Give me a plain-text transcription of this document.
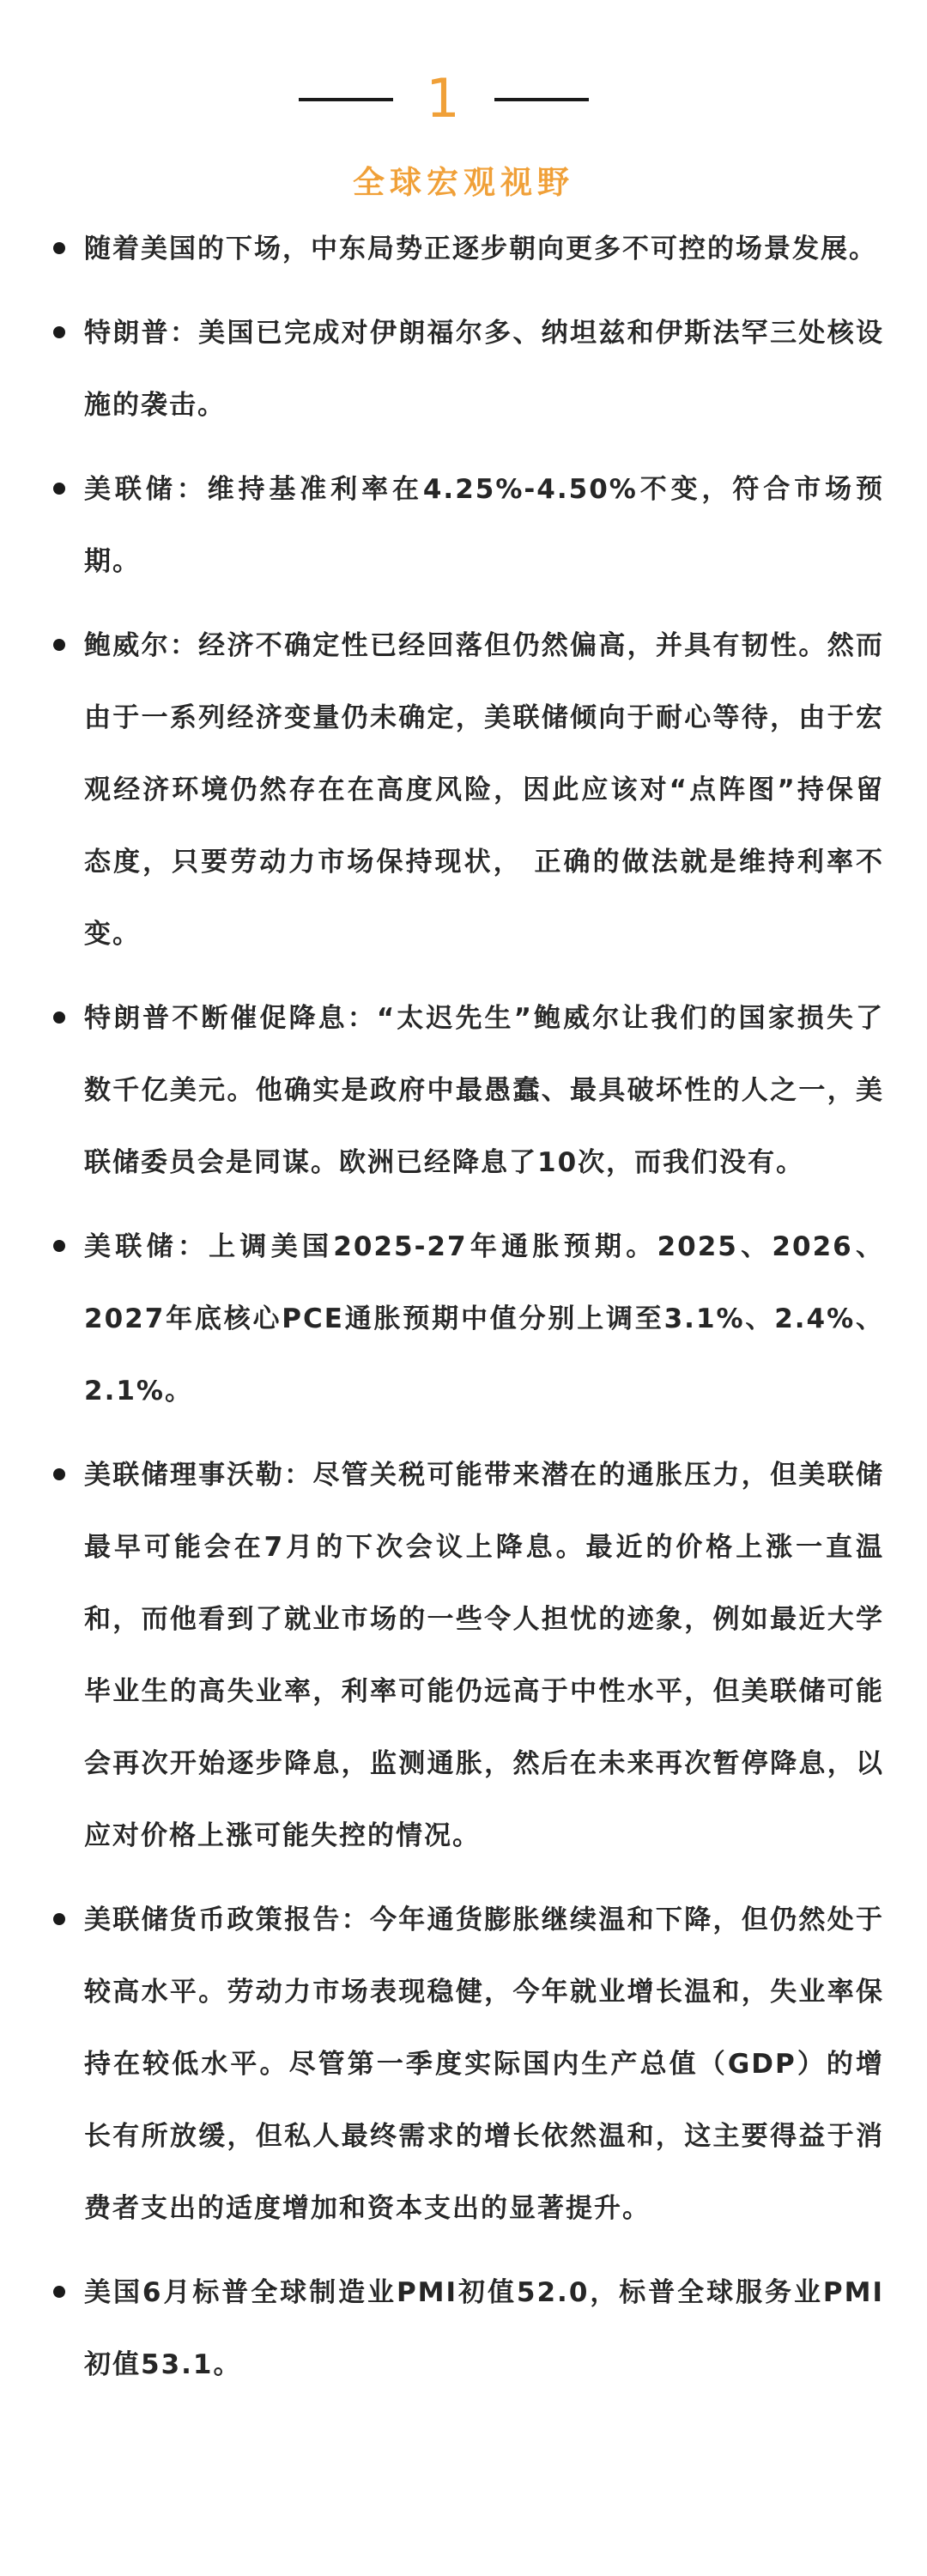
1
全球宏观视野
随着美国的下场，中东局势正逐步朝向更多不可控的场景发展。
特朗普：美国已完成对伊朗福尔多、纳坦兹和伊斯法罕三处核设施的袭击。
美联储：维持基准利率在4.25%-4.50%不变，符合市场预期。
鲍威尔：经济不确定性已经回落但仍然偏高，并具有韧性。然而由于一系列经济变量仍未确定，美联储倾向于耐心等待，由于宏观经济环境仍然存在在高度风险，因此应该对“点阵图”持保留态度，只要劳动力市场保持现状， 正确的做法就是维持利率不变。
特朗普不断催促降息：“太迟先生”鲍威尔让我们的国家损失了数千亿美元。他确实是政府中最愚蠢、最具破坏性的人之一，美联储委员会是同谋。欧洲已经降息了10次，而我们没有。
美联储：上调美国2025-27年通胀预期。2025、2026、2027年底核心PCE通胀预期中值分别上调至3.1%、2.4%、2.1%。
美联储理事沃勒：尽管关税可能带来潜在的通胀压力，但美联储最早可能会在7月的下次会议上降息。最近的价格上涨一直温和，而他看到了就业市场的一些令人担忧的迹象，例如最近大学毕业生的高失业率，利率可能仍远高于中性水平，但美联储可能会再次开始逐步降息，监测通胀，然后在未来再次暂停降息，以应对价格上涨可能失控的情况。
美联储货币政策报告：今年通货膨胀继续温和下降，但仍然处于较高水平。劳动力市场表现稳健，今年就业增长温和，失业率保持在较低水平。尽管第一季度实际国内生产总值（GDP）的增长有所放缓，但私人最终需求的增长依然温和，这主要得益于消费者支出的适度增加和资本支出的显著提升。
美国6月标普全球制造业PMI初值52.0，标普全球服务业PMI初值53.1。
